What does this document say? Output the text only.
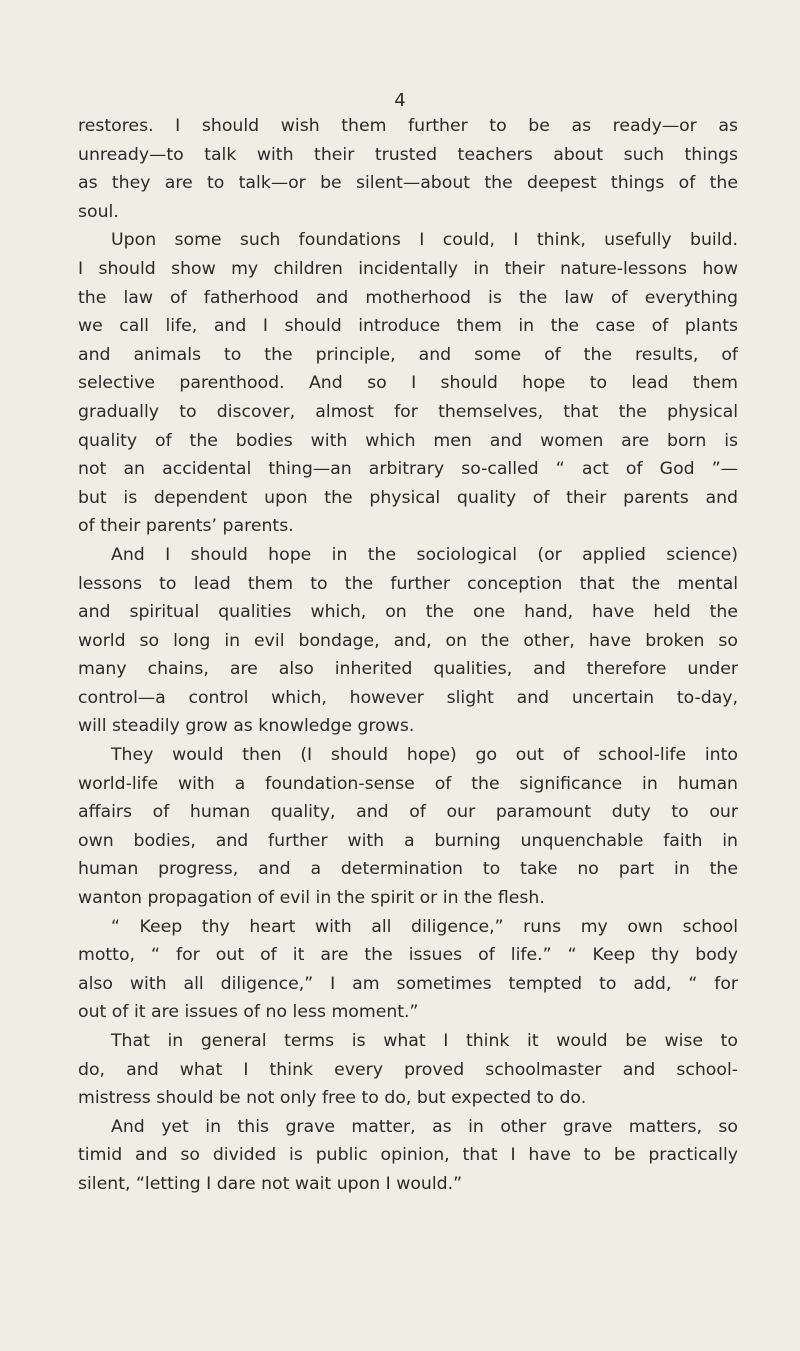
4
restores. I should wish them further to be as ready—or as
unready—to talk with their trusted teachers about such things
as they are to talk—or be silent—about the deepest things of the
soul.
Upon some such foundations I could, I think, usefully build.
I should show my children incidentally in their nature-lessons how
the law of fatherhood and motherhood is the law of everything
we call life, and I should introduce them in the case of plants
and animals to the principle, and some of the results, of
selective parenthood. And so I should hope to lead them
gradually to discover, almost for themselves, that the physical
quality of the bodies with which men and women are born is
not an accidental thing—an arbitrary so-called “ act of God ”—
but is dependent upon the physical quality of their parents and
of their parents’ parents.
And I should hope in the sociological (or applied science)
lessons to lead them to the further conception that the mental
and spiritual qualities which, on the one hand, have held the
world so long in evil bondage, and, on the other, have broken so
many chains, are also inherited qualities, and therefore under
control—a control which, however slight and uncertain to-day,
will steadily grow as knowledge grows.
They would then (I should hope) go out of school-life into
world-life with a foundation-sense of the significance in human
affairs of human quality, and of our paramount duty to our
own bodies, and further with a burning unquenchable faith in
human progress, and a determination to take no part in the
wanton propagation of evil in the spirit or in the flesh.
“ Keep thy heart with all diligence,” runs my own school
motto, “ for out of it are the issues of life.” “ Keep thy body
also with all diligence,” I am sometimes tempted to add, “ for
out of it are issues of no less moment.”
That in general terms is what I think it would be wise to
do, and what I think every proved schoolmaster and school-
mistress should be not only free to do, but expected to do.
And yet in this grave matter, as in other grave matters, so
timid and so divided is public opinion, that I have to be practically
silent, “letting I dare not wait upon I would.”
